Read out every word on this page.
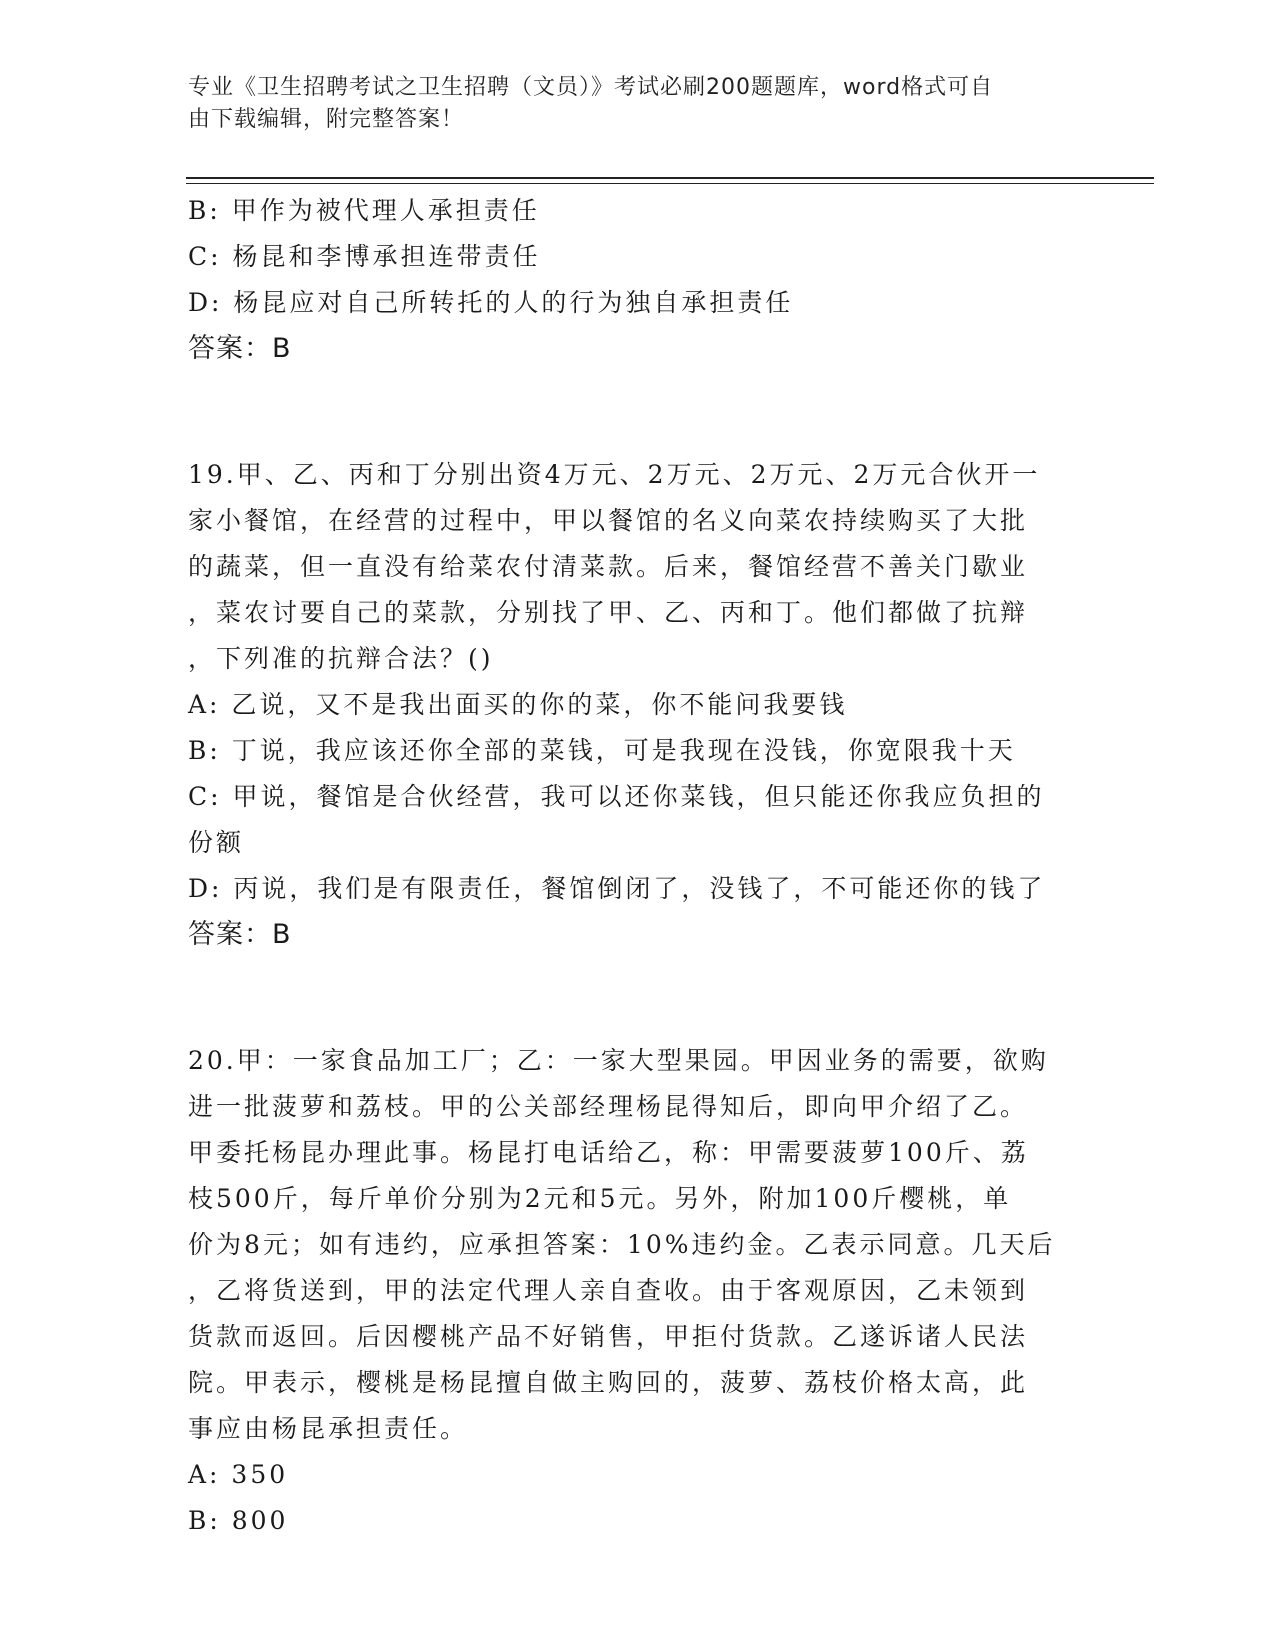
专业《卫生招聘考试之卫生招聘（文员）》考试必刷200题题库，word格式可自
由下载编辑，附完整答案！
B: 甲作为被代理人承担责任
C: 杨昆和李博承担连带责任
D: 杨昆应对自己所转托的人的行为独自承担责任
答案：B
19.甲、乙、丙和丁分别出资4万元、2万元、2万元、2万元合伙开一
家小餐馆，在经营的过程中，甲以餐馆的名义向菜农持续购买了大批
的蔬菜，但一直没有给菜农付清菜款。后来，餐馆经营不善关门歇业
，菜农讨要自己的菜款，分别找了甲、乙、丙和丁。他们都做了抗辩
，下列准的抗辩合法？()
A: 乙说，又不是我出面买的你的菜，你不能问我要钱
B: 丁说，我应该还你全部的菜钱，可是我现在没钱，你宽限我十天
C: 甲说，餐馆是合伙经营，我可以还你菜钱，但只能还你我应负担的
份额
D: 丙说，我们是有限责任，餐馆倒闭了，没钱了，不可能还你的钱了
答案：B
20.甲：一家食品加工厂；乙：一家大型果园。甲因业务的需要，欲购
进一批菠萝和荔枝。甲的公关部经理杨昆得知后，即向甲介绍了乙。
甲委托杨昆办理此事。杨昆打电话给乙，称：甲需要菠萝100斤、荔
枝500斤，每斤单价分别为2元和5元。另外，附加100斤樱桃，单
价为8元；如有违约，应承担答案：10%违约金。乙表示同意。几天后
，乙将货送到，甲的法定代理人亲自查收。由于客观原因，乙未领到
货款而返回。后因樱桃产品不好销售，甲拒付货款。乙遂诉诸人民法
院。甲表示，樱桃是杨昆擅自做主购回的，菠萝、荔枝价格太高，此
事应由杨昆承担责任。
A: 350
B: 800
